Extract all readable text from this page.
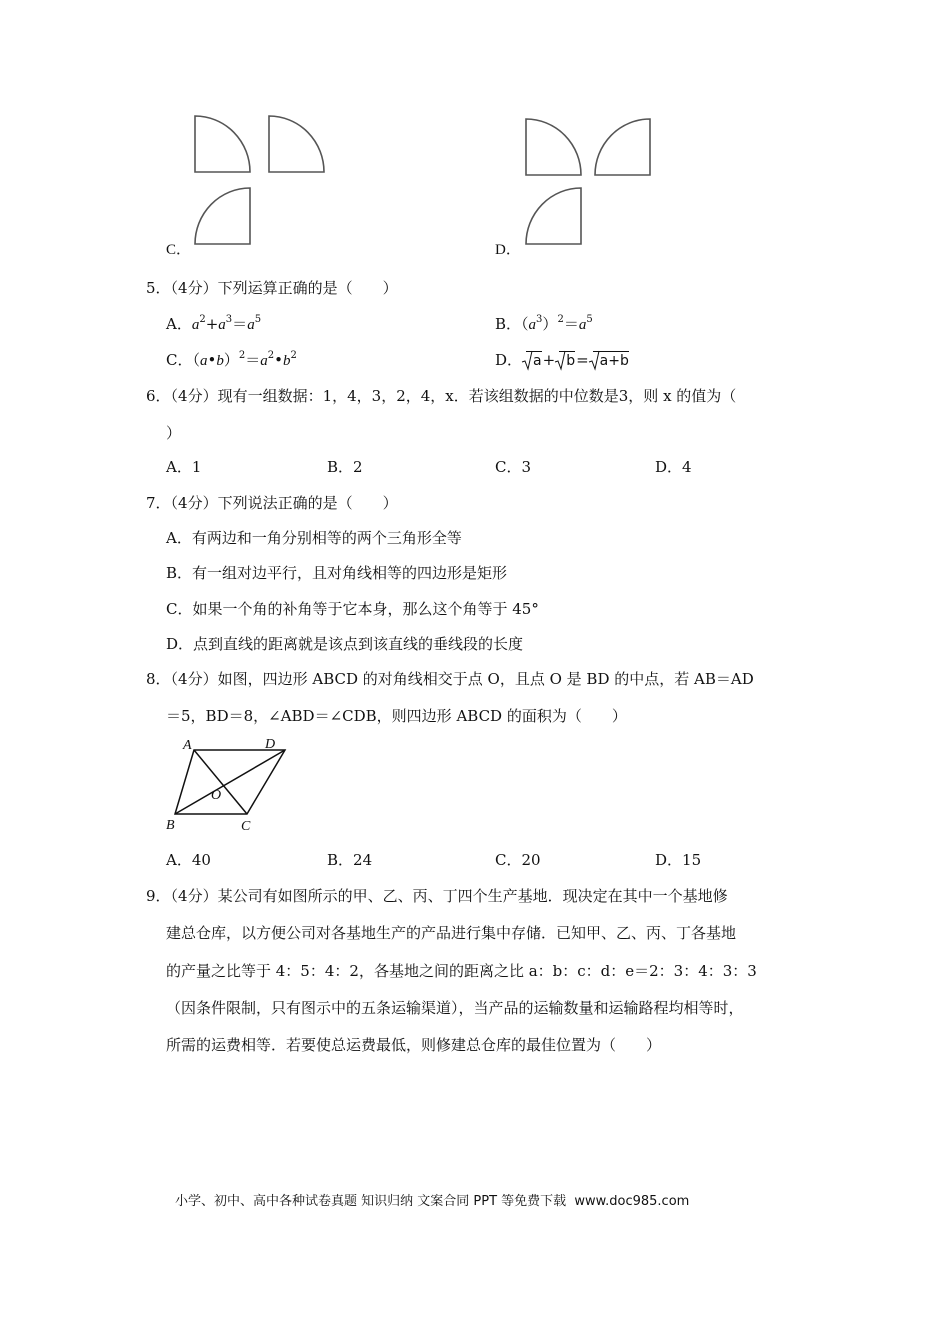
C．	D．
5．（4分）下列运算正确的是（　　）
A．$a^2+a^3=a^5$	B．$(a^3)^2=a^5$
C．$(a•b)^2=a^2•b^2$	D． a+ b= a+b
6．（4分）现有一组数据：1，4，3，2，4，x．若该组数据的中位数是3，则 x 的值为（
）
A．1	B．2	C．3	D．4
7．（4分）下列说法正确的是（　　）
A．有两边和一角分别相等的两个三角形全等
B．有一组对边平行，且对角线相等的四边形是矩形
C．如果一个角的补角等于它本身，那么这个角等于 45°
D．点到直线的距离就是该点到该直线的垂线段的长度
8．（4分）如图，四边形 ABCD 的对角线相交于点 O，且点 O 是 BD 的中点，若 AB＝AD
＝5，BD＝8，∠ABD＝∠CDB，则四边形 ABCD 的面积为（　　）
A	D
O
B	C
A．40	B．24	C．20	D．15
9．（4分）某公司有如图所示的甲、乙、丙、丁四个生产基地．现决定在其中一个基地修
建总仓库，以方便公司对各基地生产的产品进行集中存储．已知甲、乙、丙、丁各基地
的产量之比等于 4：5：4：2，各基地之间的距离之比 a：b：c：d：e＝2：3：4：3：3
（因条件限制，只有图示中的五条运输渠道），当产品的运输数量和运输路程均相等时，
所需的运费相等．若要使总运费最低，则修建总仓库的最佳位置为（　　）
小学、初中、高中各种试卷真题 知识归纳 文案合同 PPT 等免费下载 www.doc985.com
